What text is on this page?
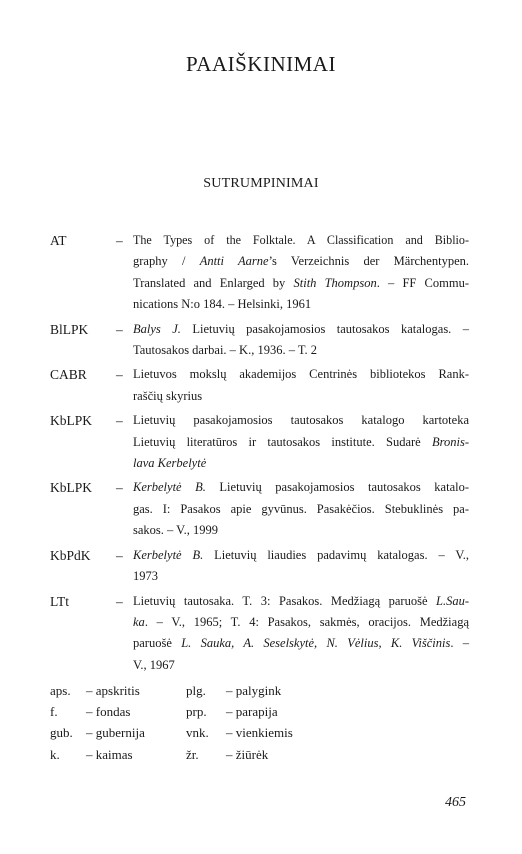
PAAIŠKINIMAI
SUTRUMPINIMAI
AT	– The Types of the Folktale. A Classification and Biblio-
graphy / Antti Aarne’s Verzeichnis der Märchentypen.
Translated and Enlarged by Stith Thompson. – FF Commu-
nications N:o 184. – Helsinki, 1961
BlLPK – Balys J. Lietuvių pasakojamosios tautosakos katalogas. –
Tautosakos darbai. – K., 1936. – T. 2
CABR – Lietuvos mokslų akademijos Centrinės bibliotekos Rank-
raščių skyrius
KbLPK – Lietuvių pasakojamosios tautosakos katalogo kartoteka
Lietuvių literatūros ir tautosakos institute. Sudarė Bronis-
lava Kerbelytė
KbLPK – Kerbelytė B. Lietuvių pasakojamosios tautosakos katalo-
gas. I: Pasakos apie gyvūnus. Pasakėčios. Stebuklinės pa-
sakos. – V., 1999
KbPdK – Kerbelytė B. Lietuvių liaudies padavimų katalogas. – V.,
1973
LTt	– Lietuvių tautosaka. T. 3: Pasakos. Medžiagą paruošė L.Sau-
ka. – V., 1965; T. 4: Pasakos, sakmės, oracijos. Medžiagą
paruošė L. Sauka, A. Seselskytė, N. Vėlius, K. Viščinis. –
V., 1967
aps. – apskritis	plg. – palygink
f. – fondas	prp. – parapija
gub. – gubernija	vnk. – vienkiemis
k. – kaimas	žr. – žiūrėk
465
